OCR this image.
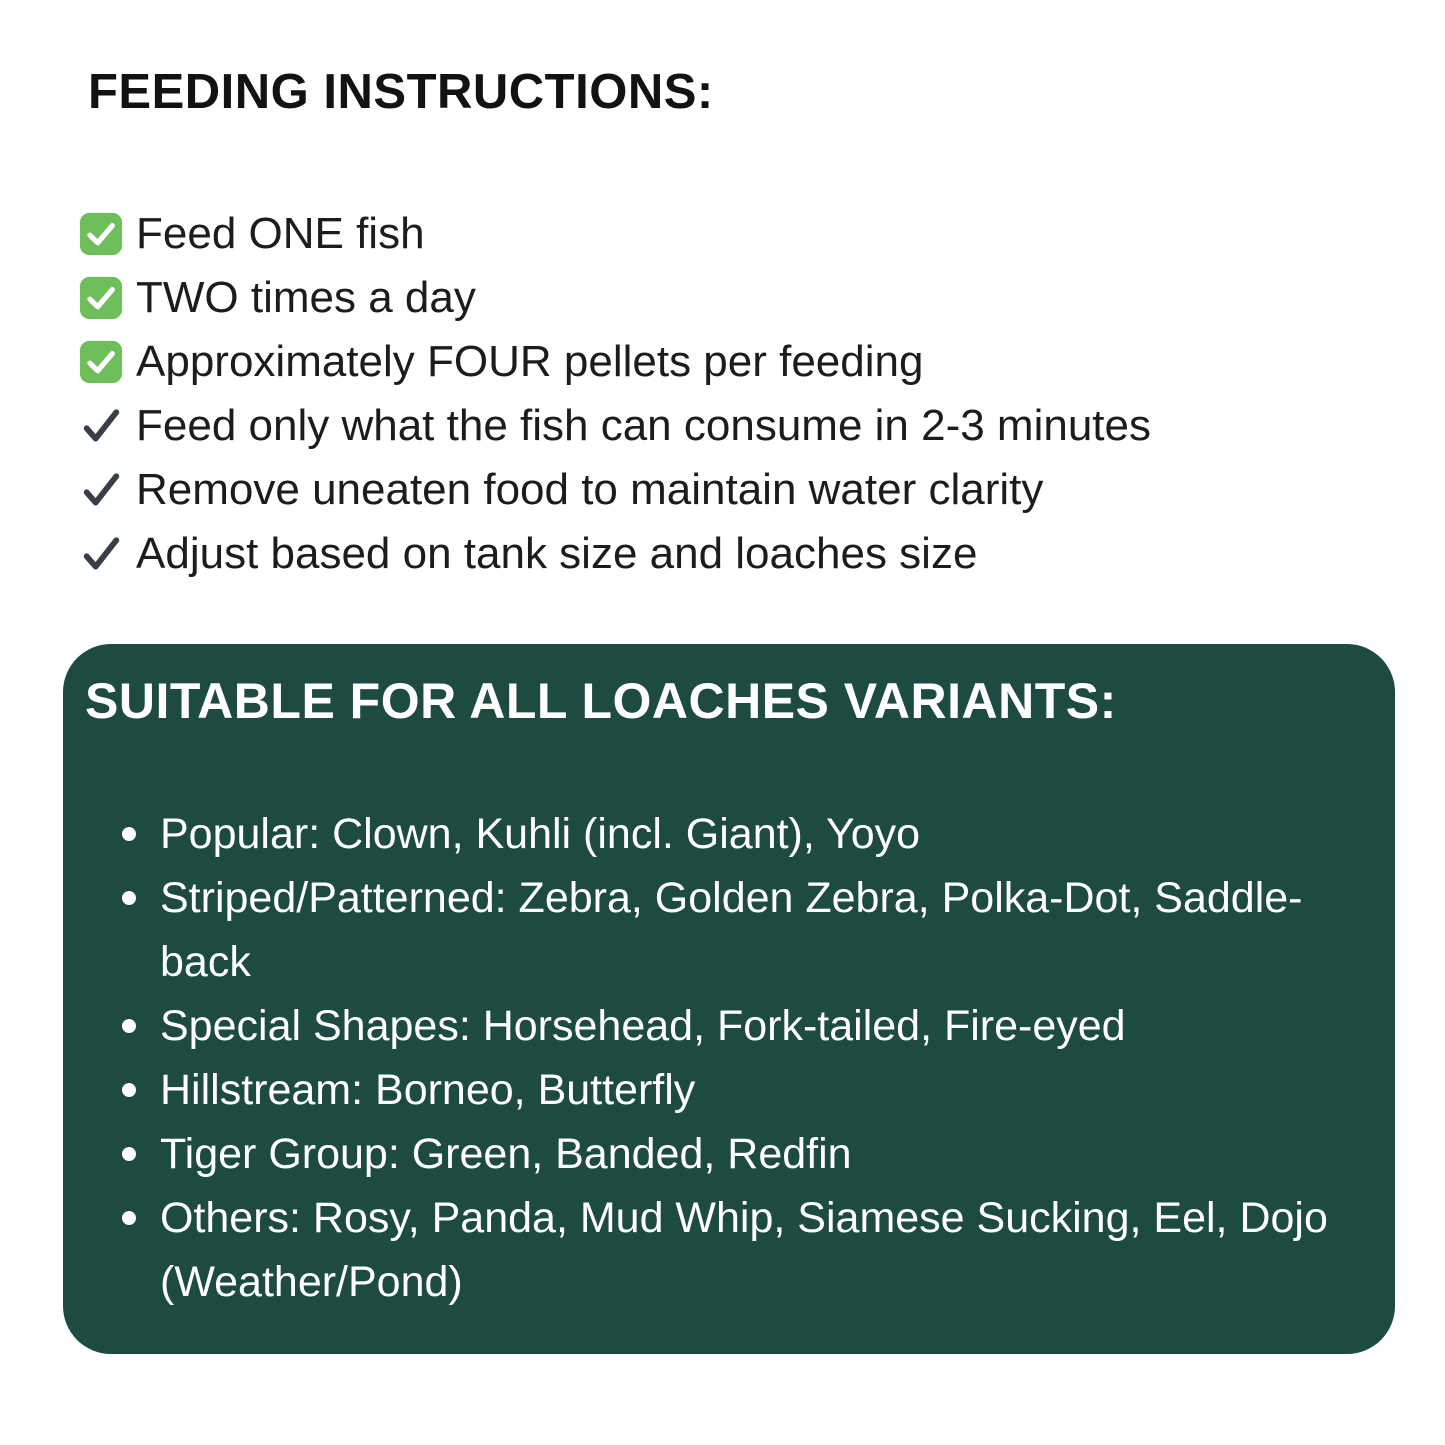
FEEDING INSTRUCTIONS:
Feed ONE fish
TWO times a day
Approximately FOUR pellets per feeding
Feed only what the fish can consume in 2-3 minutes
Remove uneaten food to maintain water clarity
Adjust based on tank size and loaches size
SUITABLE FOR ALL LOACHES VARIANTS:
Popular: Clown, Kuhli (incl. Giant), Yoyo
Striped/Patterned: Zebra, Golden Zebra, Polka-Dot, Saddle-back
Special Shapes: Horsehead, Fork-tailed, Fire-eyed
Hillstream: Borneo, Butterfly
Tiger Group: Green, Banded, Redfin
Others: Rosy, Panda, Mud Whip, Siamese Sucking, Eel, Dojo (Weather/Pond)
